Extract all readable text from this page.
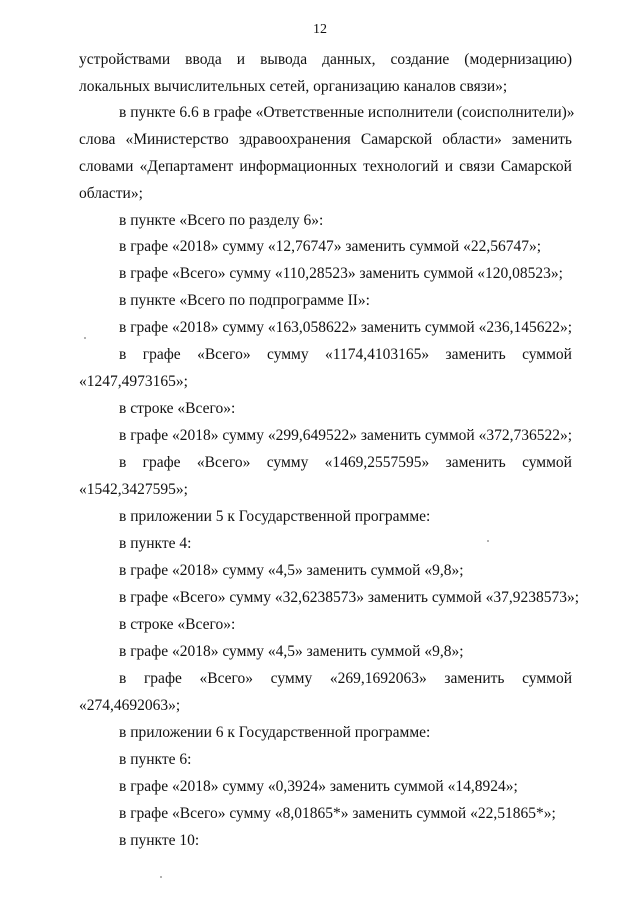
12
устройствами ввода и вывода данных, создание (модернизацию)
локальных вычислительных сетей, организацию каналов связи»;
в пункте 6.6 в графе «Ответственные исполнители (соисполнители)»
слова «Министерство здравоохранения Самарской области» заменить
словами «Департамент информационных технологий и связи Самарской
области»;
в пункте «Всего по разделу 6»:
в графе «2018» сумму «12,76747» заменить суммой «22,56747»;
в графе «Всего» сумму «110,28523» заменить суммой «120,08523»;
в пункте «Всего по подпрограмме II»:
в графе «2018» сумму «163,058622» заменить суммой «236,145622»;
в графе «Всего» сумму «1174,4103165» заменить суммой
«1247,4973165»;
в строке «Всего»:
в графе «2018» сумму «299,649522» заменить суммой «372,736522»;
в графе «Всего» сумму «1469,2557595» заменить суммой
«1542,3427595»;
в приложении 5 к Государственной программе:
в пункте 4:
в графе «2018» сумму «4,5» заменить суммой «9,8»;
в графе «Всего» сумму «32,6238573» заменить суммой «37,9238573»;
в строке «Всего»:
в графе «2018» сумму «4,5» заменить суммой «9,8»;
в графе «Всего» сумму «269,1692063» заменить суммой
«274,4692063»;
в приложении 6 к Государственной программе:
в пункте 6:
в графе «2018» сумму «0,3924» заменить суммой «14,8924»;
в графе «Всего» сумму «8,01865*» заменить суммой «22,51865*»;
в пункте 10:
